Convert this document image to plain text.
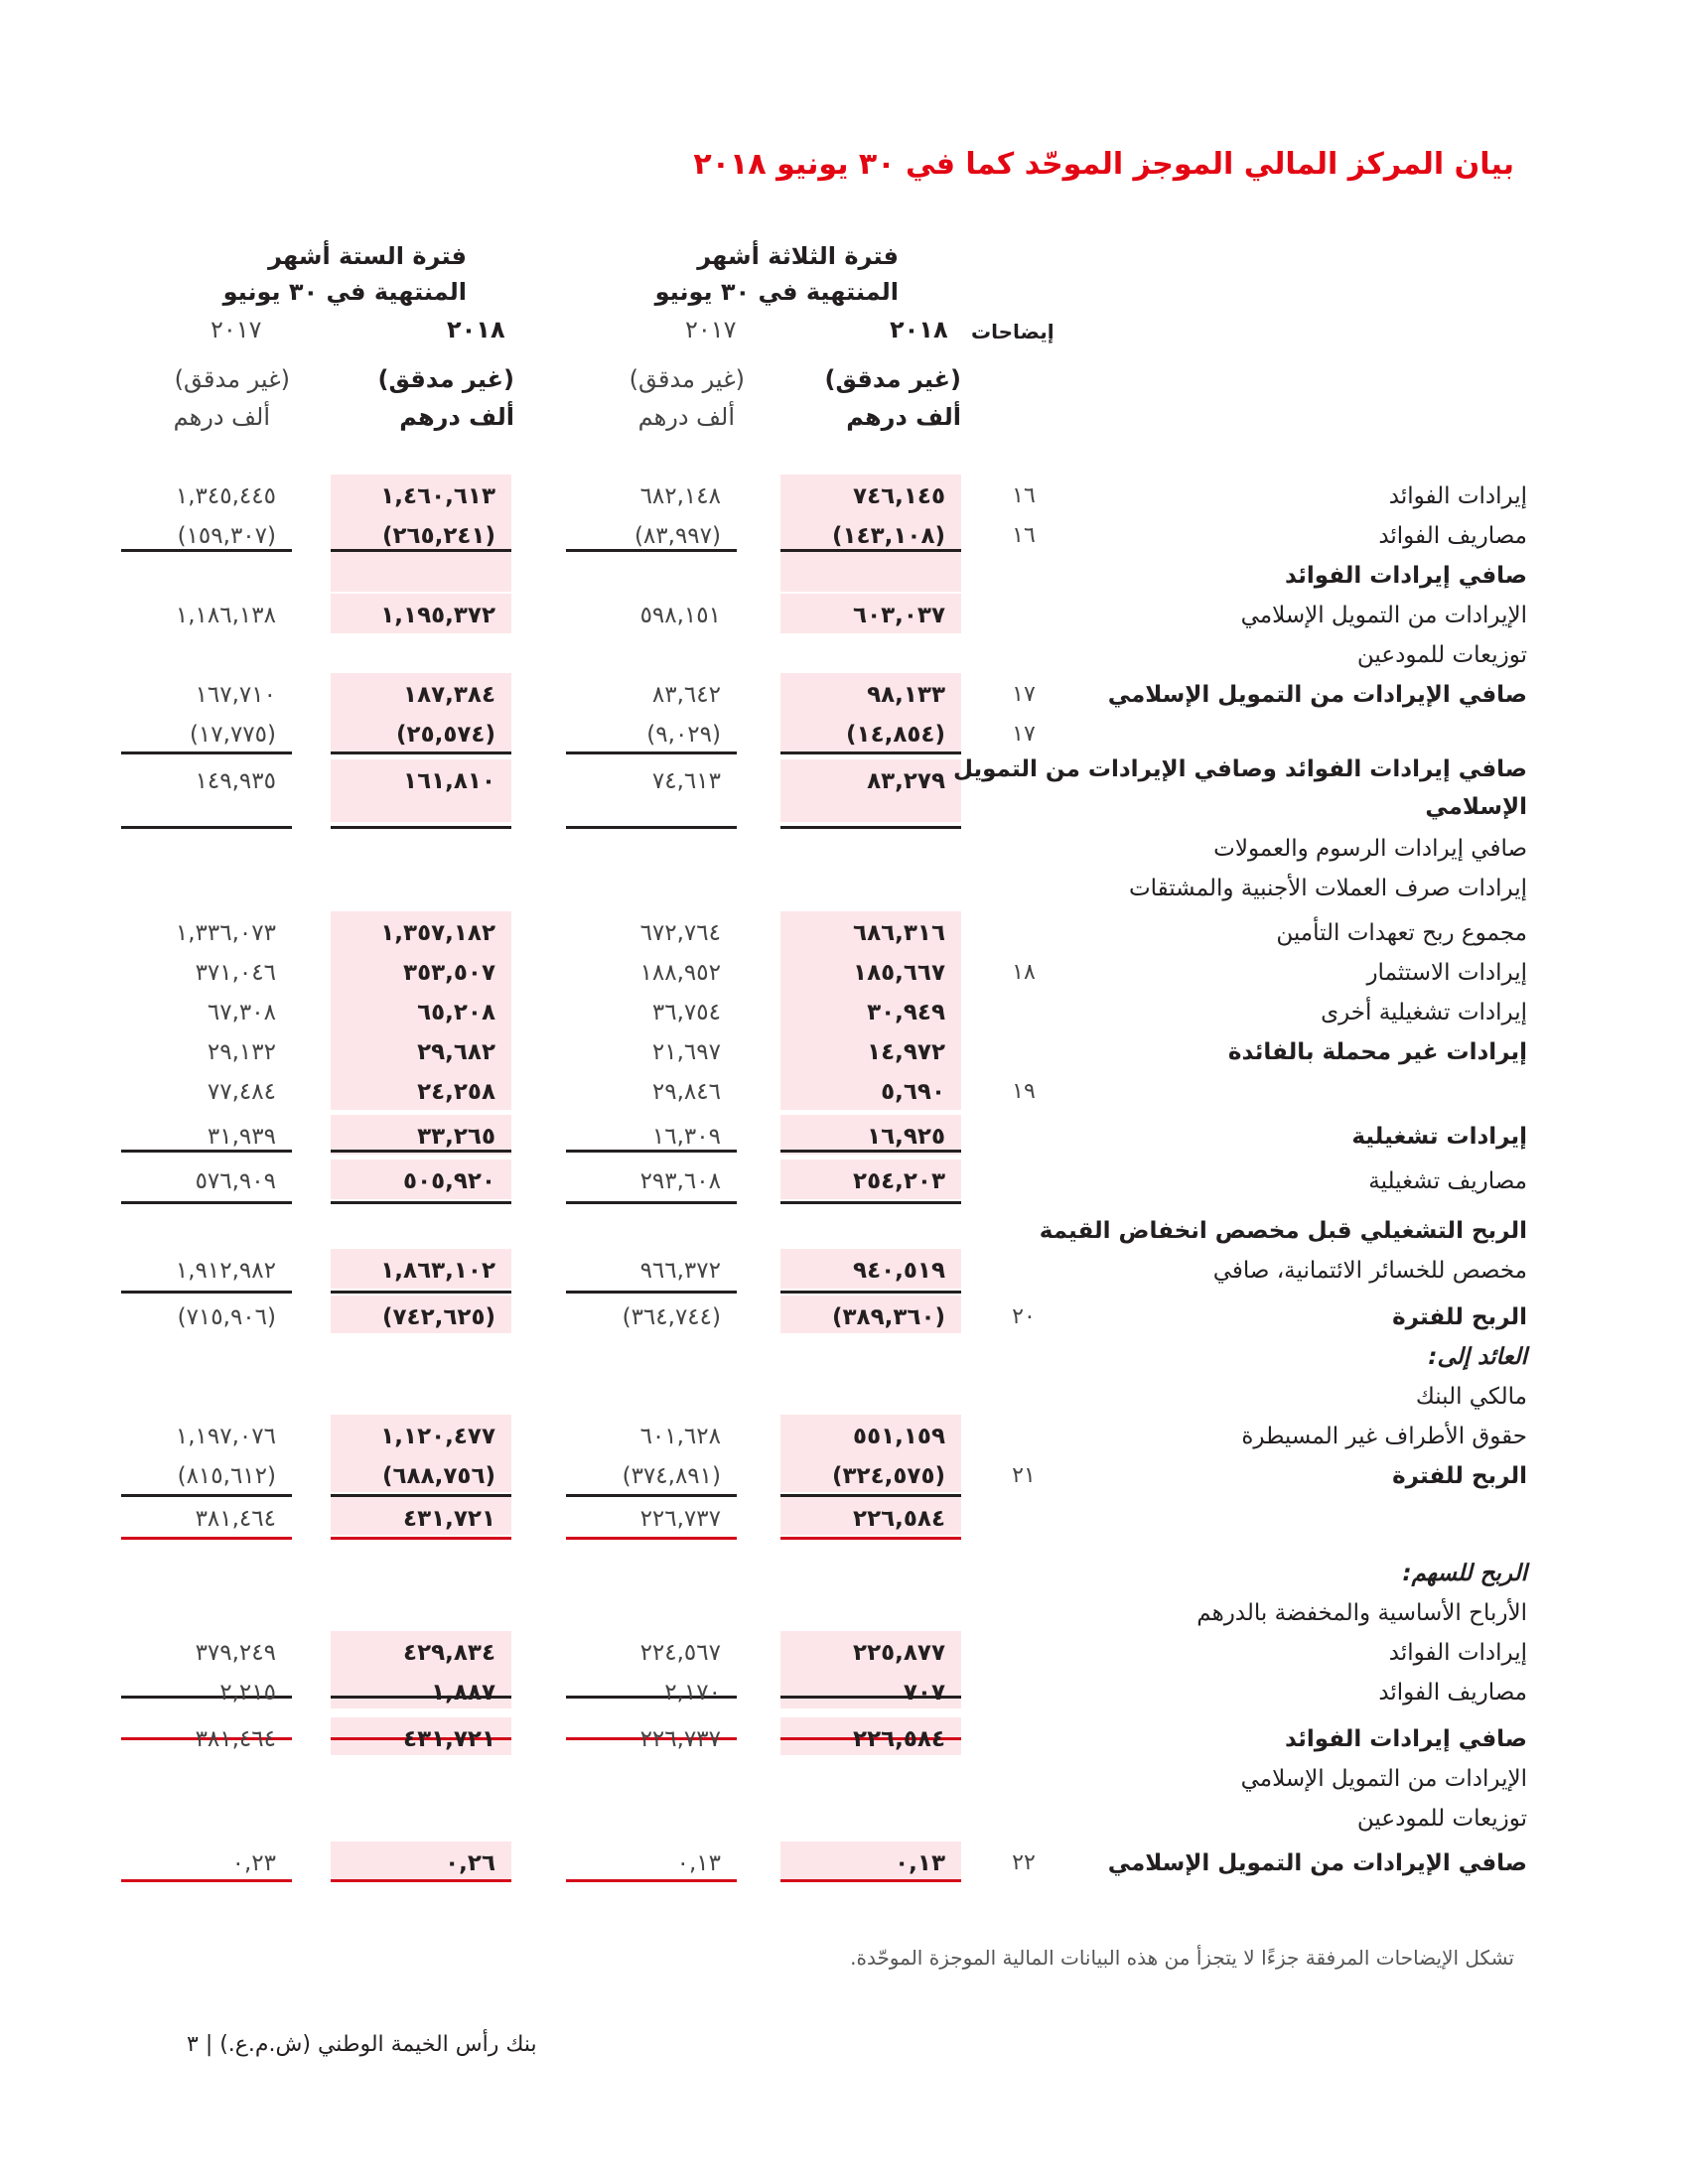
بيان المركز المالي الموجز الموحّد كما في ٣٠ يونيو ٢٠١٨
فترة الستة أشهر المنتهية في ٣٠ يونيو
فترة الثلاثة أشهر المنتهية في ٣٠ يونيو
٢٠١٨
٢٠١٧	٢٠١٨
٢٠١٧	إيضاحات
(غير مدقق)
ألف درهم
(غير مدقق)
ألف درهم
(غير مدقق)
ألف درهم
(غير مدقق)
ألف درهم
إيرادات الفوائد
١٦
٧٤٦,١٤٥
٦٨٢,١٤٨
١,٤٦٠,٦١٣
١,٣٤٥,٤٤٥
مصاريف الفوائد
١٦
(١٤٣,١٠٨)
(٨٣,٩٩٧)
(٢٦٥,٢٤١)
(١٥٩,٣٠٧)
صافي إيرادات الفوائد
الإيرادات من التمويل الإسلامي
٦٠٣,٠٣٧
٥٩٨,١٥١
١,١٩٥,٣٧٢
١,١٨٦,١٣٨
توزيعات للمودعين
صافي الإيرادات من التمويل الإسلامي
١٧
٩٨,١٣٣
٨٣,٦٤٢
١٨٧,٣٨٤
١٦٧,٧١٠
١٧
(١٤,٨٥٤)
(٩,٠٢٩)
(٢٥,٥٧٤)
(١٧,٧٧٥)
صافي إيرادات الفوائد وصافي الإيرادات من التمويل
الإسلامي
٨٣,٢٧٩
٧٤,٦١٣
١٦١,٨١٠
١٤٩,٩٣٥
صافي إيرادات الرسوم والعمولات
إيرادات صرف العملات الأجنبية والمشتقات
مجموع ربح تعهدات التأمين
٦٨٦,٣١٦
٦٧٢,٧٦٤
١,٣٥٧,١٨٢
١,٣٣٦,٠٧٣
إيرادات الاستثمار
١٨
١٨٥,٦٦٧
١٨٨,٩٥٢
٣٥٣,٥٠٧
٣٧١,٠٤٦
إيرادات تشغيلية أخرى
٣٠,٩٤٩
٣٦,٧٥٤
٦٥,٢٠٨
٦٧,٣٠٨
إيرادات غير محملة بالفائدة
١٤,٩٧٢
٢١,٦٩٧
٢٩,٦٨٢
٢٩,١٣٢
١٩
٥,٦٩٠
٢٩,٨٤٦
٢٤,٢٥٨
٧٧,٤٨٤
إيرادات تشغيلية
١٦,٩٢٥
١٦,٣٠٩
٣٣,٢٦٥
٣١,٩٣٩
مصاريف تشغيلية
٢٥٤,٢٠٣
٢٩٣,٦٠٨
٥٠٥,٩٢٠
٥٧٦,٩٠٩
الربح التشغيلي قبل مخصص انخفاض القيمة
مخصص للخسائر الائتمانية، صافي
٩٤٠,٥١٩
٩٦٦,٣٧٢
١,٨٦٣,١٠٢
١,٩١٢,٩٨٢
الربح للفترة
٢٠
(٣٨٩,٣٦٠)
(٣٦٤,٧٤٤)
(٧٤٢,٦٢٥)
(٧١٥,٩٠٦)
العائد إلى:
مالكي البنك
حقوق الأطراف غير المسيطرة
٥٥١,١٥٩
٦٠١,٦٢٨
١,١٢٠,٤٧٧
١,١٩٧,٠٧٦
الربح للفترة
٢١
(٣٢٤,٥٧٥)
(٣٧٤,٨٩١)
(٦٨٨,٧٥٦)
(٨١٥,٦١٢)
٢٢٦,٥٨٤
٢٢٦,٧٣٧
٤٣١,٧٢١
٣٨١,٤٦٤
الربح للسهم:
الأرباح الأساسية والمخفضة بالدرهم
إيرادات الفوائد
٢٢٥,٨٧٧
٢٢٤,٥٦٧
٤٢٩,٨٣٤
٣٧٩,٢٤٩
مصاريف الفوائد
٧٠٧
٢,١٧٠
١,٨٨٧
٢,٢١٥
صافي إيرادات الفوائد
٢٢٦,٥٨٤
٢٢٦,٧٣٧
٤٣١,٧٢١
٣٨١,٤٦٤
الإيرادات من التمويل الإسلامي
توزيعات للمودعين
صافي الإيرادات من التمويل الإسلامي
٢٢
٠,١٣
٠,١٣
٠,٢٦
٠,٢٣
تشكل الإيضاحات المرفقة جزءًا لا يتجزأ من هذه البيانات المالية الموجزة الموحّدة.
بنك رأس الخيمة الوطني (ش.م.ع.) | ٣
